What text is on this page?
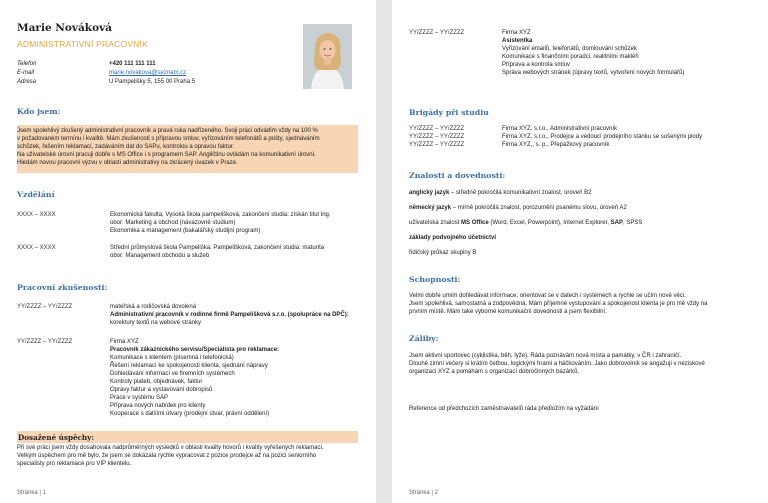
Marie Nováková
ADMINISTRATIVNÍ PRACOVNÍK
Telefon	+420 111 111 111
E-mail	marie.novakova@seznam.cz
Adresa	U Pampelišky 5, 155 00 Praha 5
Kdo jsem:
Jsem spolehlivý zkušený administrativní pracovník a pravá ruka nadřízeného. Svoji práci odvádím vždy na 100 %
v požadovaném termínu i kvalitě. Mám zkušenosti s přípravou smluv, vyřizováním telefonátů a pošty, sjednáváním
schůzek, řešením reklamací, zadáváním dat do SAPu, kontrolou a opravou faktur.
Na uživatelské úrovni pracuji dobře s MS Office i s programem SAP. Angličtinu ovládám na komunikativní úrovni.
Hledám novou pracovní výzvu v oblasti administrativy na zkrácený úvazek v Praze.
Vzdělání
XXXX – XXXX	Ekonomická fakulta, Vysoká škola pampelišková, zakončení studia: získán titul Ing.
obor: Marketing a obchod (návazovné studium)
Ekonomika a management (bakalářský studijní program)
XXXX – XXXX	Střední průmyslová škola Pampeliška, Pampelišková, zakončení studia: maturita
obor: Management obchodu a služeb
Pracovní zkušenosti:
YY/ZZZZ – YY/ZZZZ	mateřská a rodičovská dovolená
Administrativní pracovník v rodinné firmě Pampelišková s.r.o. (spolupráce na DPČ):
korektury textů na webové stránky
YY/ZZZZ – YY/ZZZZ	Firma XYZ
Pracovník zákaznického servisu/Specialista pro reklamace:
Komunikace s klientem (písemná i telefonická)
Řešení reklamací ke spokojenosti klienta, sjednání nápravy
Dohledávání informací ve firemních systémech
Kontroly plateb, objednávek, faktur
Opravy faktur a vystavování dobropisů
Práce v systému SAP
Příprava nových nabídek pro klienty
Kooperace s dalšími útvary (prodejní útvar, právní oddělení)
Dosažené úspěchy:
Při své práci jsem vždy dosahovala nadprůměrných výsledků v oblasti kvality hovorů i kvality vyřešených reklamací.
Velkým úspěchem pro mě bylo, že jsem se dokázala rychle vypracovat z pozice prodejce až na pozici seniorního
specialisty pro reklamace pro VIP klientelu.
Stránka | 1
YY/ZZZZ – YY/ZZZZ	Firma XYZ
Asistentka
Vyřizování emailů, telefonátů, domlouvání schůzek
Komunikace s finančními poradci, realitními makléři
Příprava a kontrola smluv
Správa webových stránek (úpravy textů, vytvoření nových formulářů)
Brigády při studiu
YY/ZZZZ – YY/ZZZZ	Firma XYZ, s.r.o., Administrativní pracovník
YY/ZZZZ – YY/ZZZZ	Firma XYZ, s.r.o., Prodejce a vedoucí prodejního stánku se sušenými plody
YY/ZZZZ – YY/ZZZZ	Firma XYZ,, s. p., Přepážkový pracovník
Znalosti a dovednosti:
anglický jazyk – středně pokročilá komunikativní znalost, úroveň B2
německý jazyk – mírně pokročilá znalost, porozumění psanému slovu, úroveň A2
uživatelská znalost MS Office (Word, Excel, Powerpoint), Internet Explorer, SAP, SPSS
základy podvojného účetnictví
řidičský průkaz skupiny B
Schopnosti:
Velmi dobře umím dohledávat informace, orientovat se v datech i systémech a rychle se učím nové věci.
Jsem spolehlivá, samostatná a zodpovědná. Mám příjemné vystupování a spokojenost klienta je pro mě vždy na
prvním místě. Mám také výborné komunikační dovednosti a jsem flexibilní.
Záliby:
Jsem aktivní sportovec (cyklistika, běh, lyže). Ráda poznávám nová místa a památky, v ČR i zahraničí.
Dlouhé zimní večery si krátím četbou, logickými hrami a háčkováním. Jako dobrovolník se angažuji v neziskové
organizaci XYZ a pomáhám s organizací dobročinných bazárků.
Reference od předchozích zaměstnavatelů ráda předložím na vyžádání
Stránka | 2
